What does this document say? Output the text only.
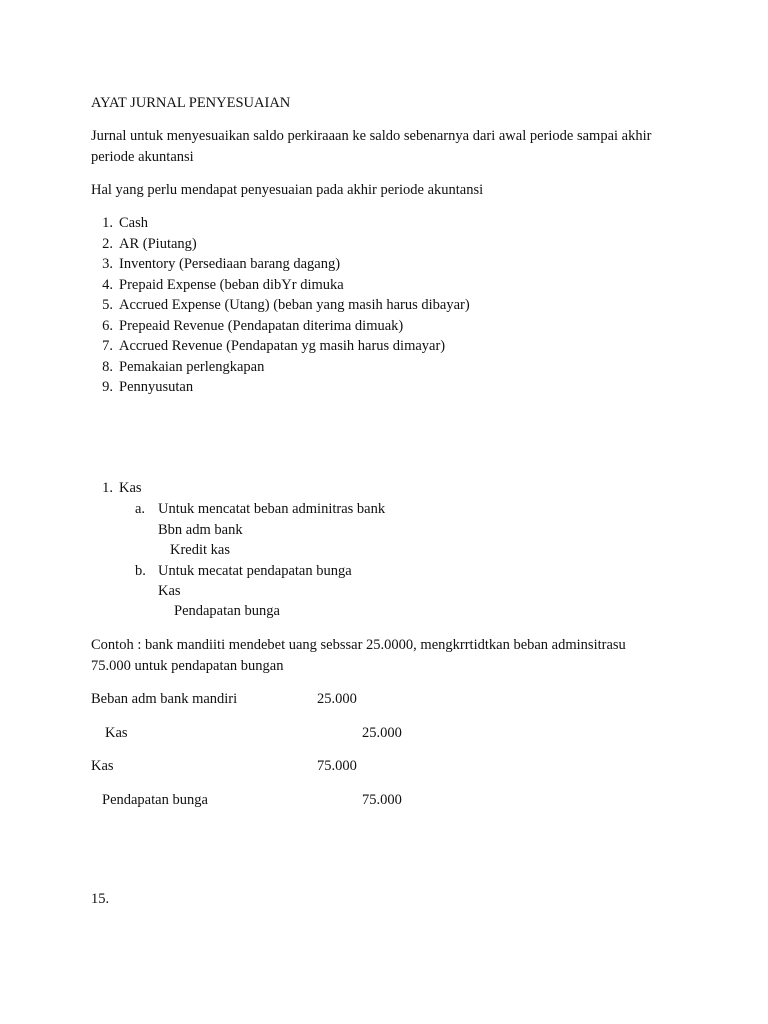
AYAT JURNAL PENYESUAIAN
Jurnal untuk menyesuaikan saldo perkiraaan ke saldo sebenarnya dari awal periode sampai akhir
periode akuntansi
Hal yang perlu mendapat penyesuaian pada akhir periode akuntansi
1. Cash
2. AR (Piutang)
3. Inventory (Persediaan barang dagang)
4. Prepaid Expense (beban dibYr dimuka
5. Accrued Expense (Utang) (beban yang masih harus dibayar)
6. Prepeaid Revenue (Pendapatan diterima dimuak)
7. Accrued Revenue (Pendapatan yg masih harus dimayar)
8. Pemakaian perlengkapan
9. Pennyusutan
1. Kas
a. Untuk mencatat beban adminitras bank
Bbn adm bank
Kredit kas
b. Untuk mecatat pendapatan bunga
Kas
Pendapatan bunga
Contoh : bank mandiiti mendebet uang sebssar 25.0000, mengkrrtidtkan beban adminsitrasu
75.000 untuk pendapatan bungan
Beban adm bank mandiri	25.000
Kas	25.000
Kas	75.000
Pendapatan bunga	75.000
15.
